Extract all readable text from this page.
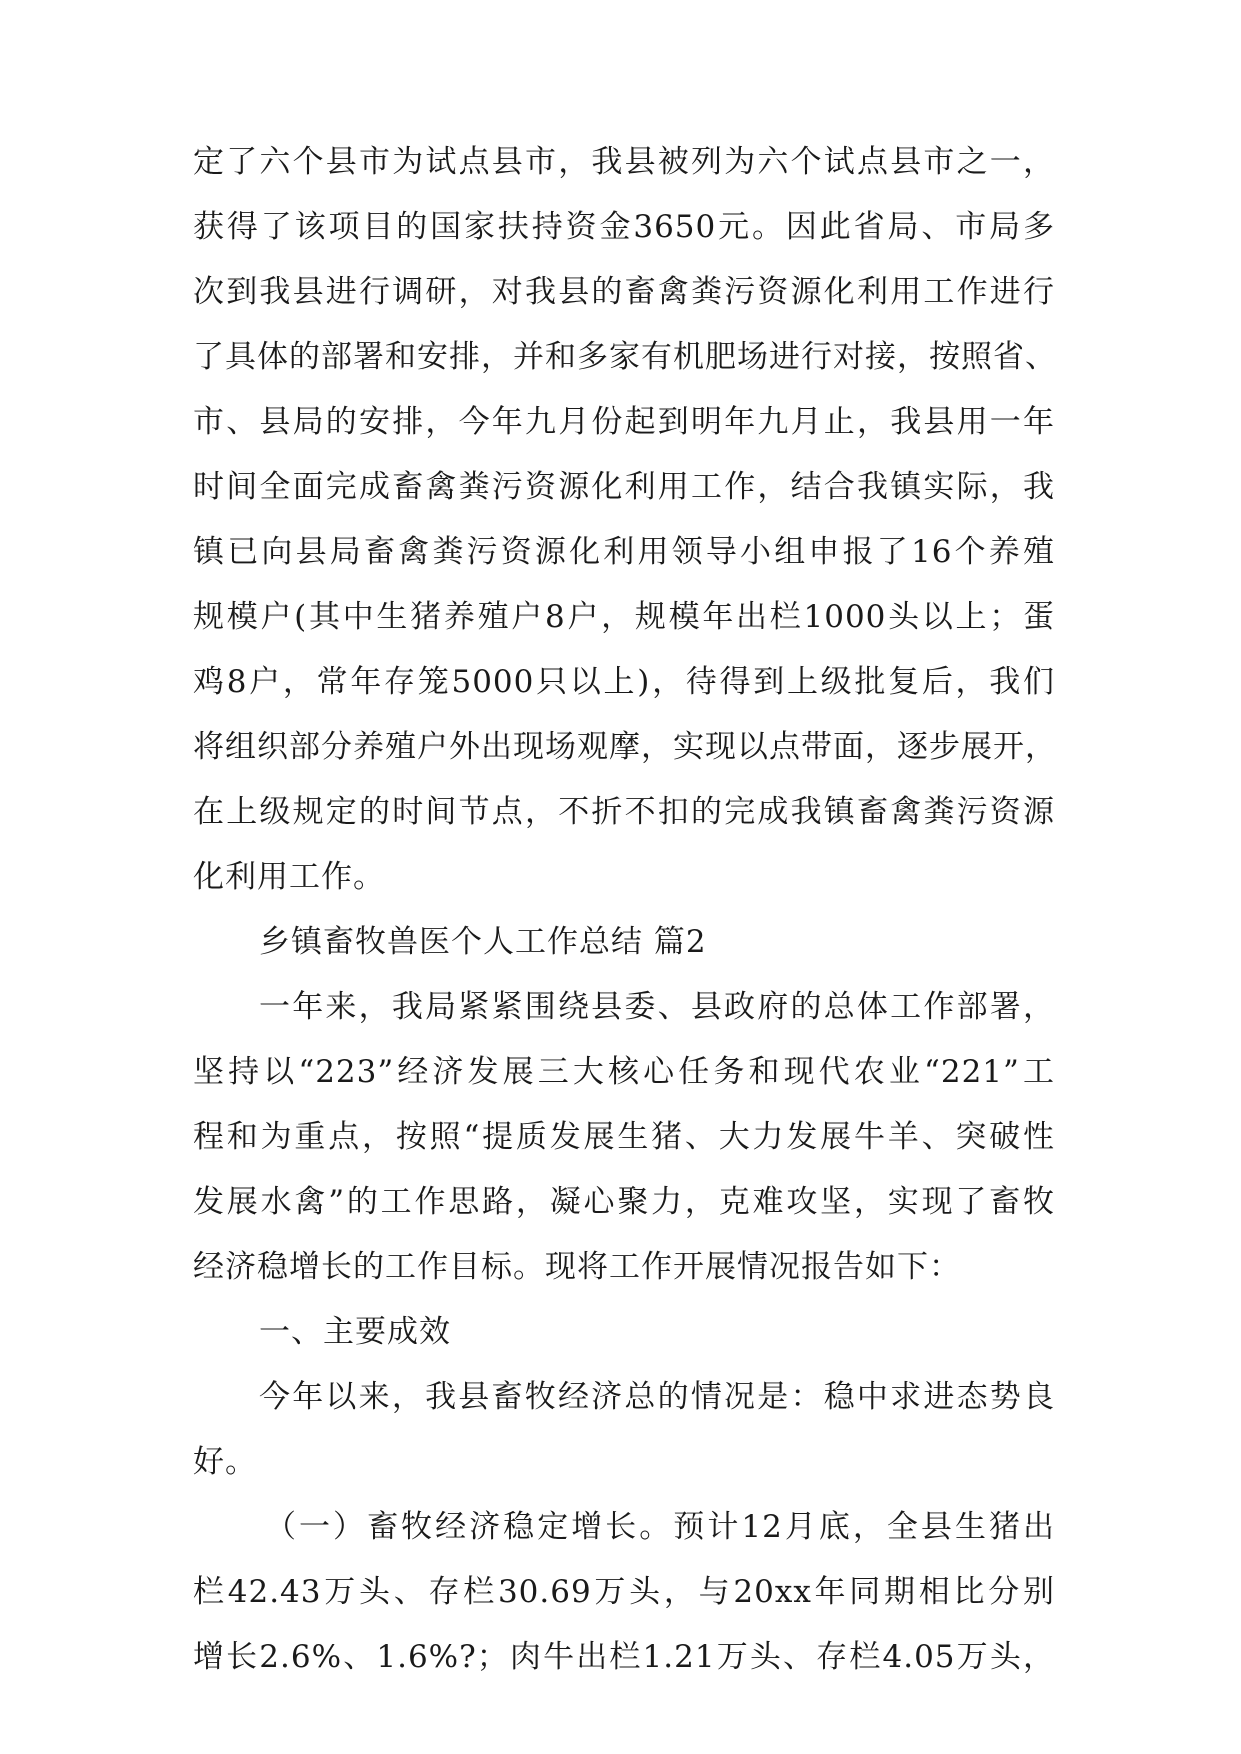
定了六个县市为试点县市，我县被列为六个试点县市之一，
获得了该项目的国家扶持资金3650元。因此省局、市局多
次到我县进行调研，对我县的畜禽粪污资源化利用工作进行
了具体的部署和安排，并和多家有机肥场进行对接，按照省、
市、县局的安排，今年九月份起到明年九月止，我县用一年
时间全面完成畜禽粪污资源化利用工作，结合我镇实际，我
镇已向县局畜禽粪污资源化利用领导小组申报了16个养殖
规模户(其中生猪养殖户8户，规模年出栏1000头以上；蛋
鸡8户，常年存笼5000只以上)，待得到上级批复后，我们
将组织部分养殖户外出现场观摩，实现以点带面，逐步展开，
在上级规定的时间节点，不折不扣的完成我镇畜禽粪污资源
化利用工作。
乡镇畜牧兽医个人工作总结 篇2
一年来，我局紧紧围绕县委、县政府的总体工作部署，
坚持以“223”经济发展三大核心任务和现代农业“221”工
程和为重点，按照“提质发展生猪、大力发展牛羊、突破性
发展水禽”的工作思路，凝心聚力，克难攻坚，实现了畜牧
经济稳增长的工作目标。现将工作开展情况报告如下：
一、主要成效
今年以来，我县畜牧经济总的情况是：稳中求进态势良
好。
（一）畜牧经济稳定增长。预计12月底，全县生猪出
栏42.43万头、存栏30.69万头，与20xx年同期相比分别
增长2.6%、1.6%?；肉牛出栏1.21万头、存栏4.05万头，
